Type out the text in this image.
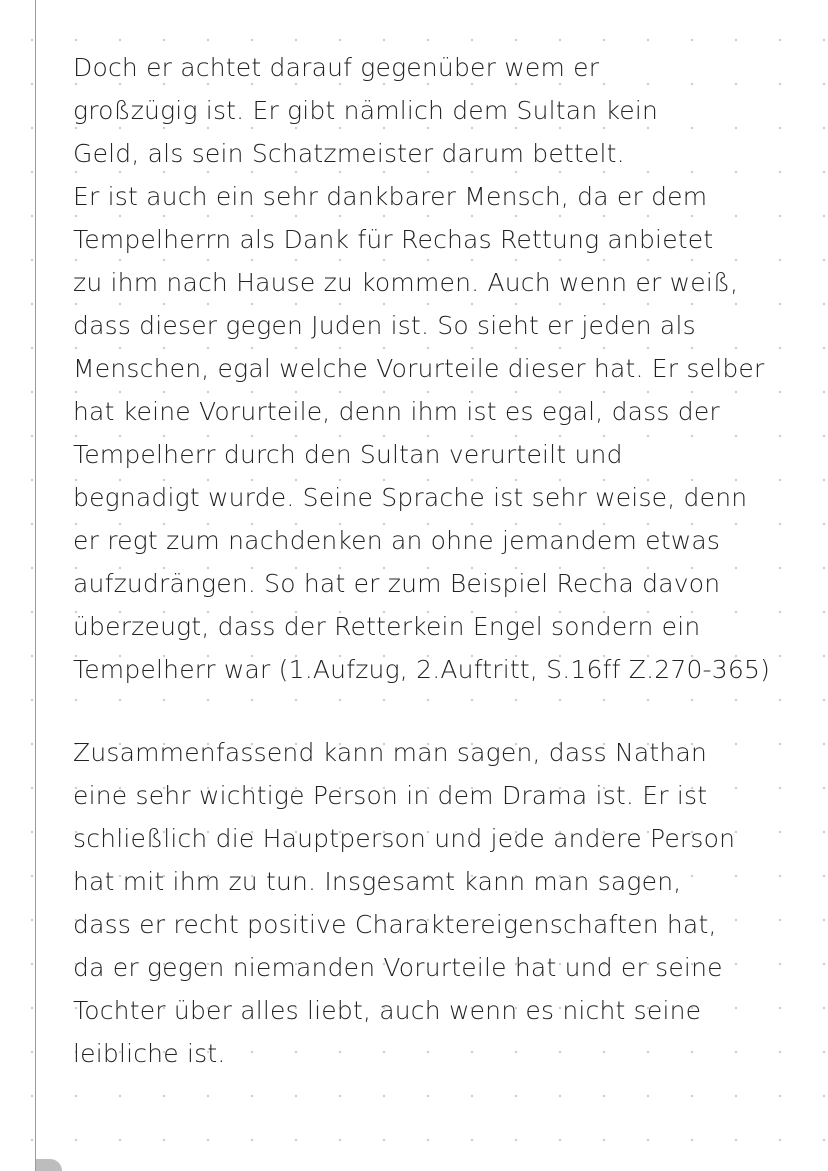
Doch er achtet darauf gegenüber wem er
großzügig ist. Er gibt nämlich dem Sultan kein
Geld, als sein Schatzmeister darum bettelt.
Er ist auch ein sehr dankbarer Mensch, da er dem
Tempelherrn als Dank für Rechas Rettung anbietet
zu ihm nach Hause zu kommen. Auch wenn er weiß,
dass dieser gegen Juden ist. So sieht er jeden als
Menschen, egal welche Vorurteile dieser hat. Er selber
hat keine Vorurteile, denn ihm ist es egal, dass der
Tempelherr durch den Sultan verurteilt und
begnadigt wurde. Seine Sprache ist sehr weise, denn
er regt zum nachdenken an ohne jemandem etwas
aufzudrängen. So hat er zum Beispiel Recha davon
überzeugt, dass der Retterkein Engel sondern ein
Tempelherr war (1.Aufzug, 2.Auftritt, S.16ff Z.270-365)
Zusammenfassend kann man sagen, dass Nathan
eine sehr wichtige Person in dem Drama ist. Er ist
schließlich die Hauptperson und jede andere Person
hat mit ihm zu tun. Insgesamt kann man sagen,
dass er recht positive Charaktereigenschaften hat,
da er gegen niemanden Vorurteile hat und er seine
Tochter über alles liebt, auch wenn es nicht seine
leibliche ist.
